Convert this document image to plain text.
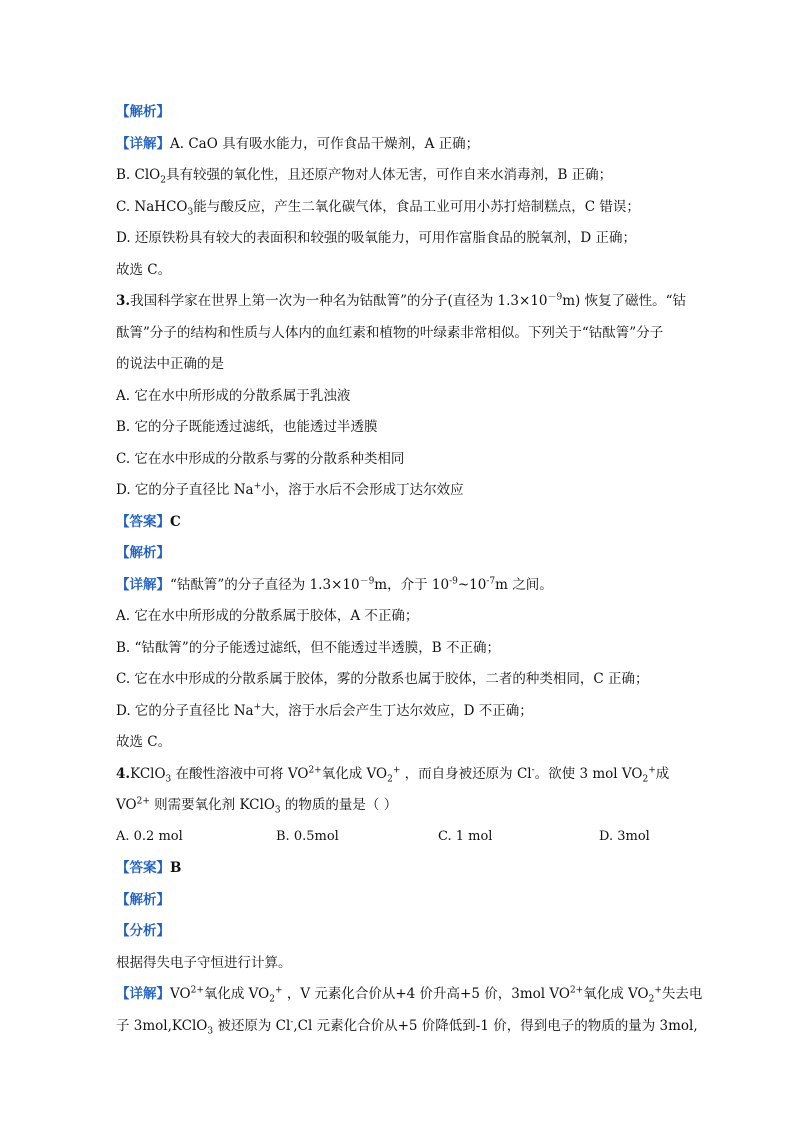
【解析】
【详解】A. CaO 具有吸水能力，可作食品干燥剂，A 正确；
B. ClO$_2$具有较强的氧化性，且还原产物对人体无害，可作自来水消毒剂，B 正确；
C. NaHCO$_3$能与酸反应，产生二氧化碳气体，食品工业可用小苏打焙制糕点，C 错误；
D. 还原铁粉具有较大的表面积和较强的吸氧能力，可用作富脂食品的脱氧剂，D 正确；
故选 C。
3.我国科学家在世界上第一次为一种名为钴酞箐”的分子(直径为 $1.3\times 10^{-9}m$) 恢复了磁性。“钴
酞箐”分子的结构和性质与人体内的血红素和植物的叶绿素非常相似。下列关于“钴酞箐”分子
的说法中正确的是
A. 它在水中所形成的分散系属于乳浊液
B. 它的分子既能透过滤纸，也能透过半透膜
C. 它在水中形成的分散系与雾的分散系种类相同
D. 它的分子直径比 Na+小，溶于水后不会形成丁达尔效应
【答案】C
【解析】
【详解】“钴酞箐”的分子直径为 $1.3\times 10^{-9}m$，介于 $10^{-9}\sim 10^{-7}m$ 之间。
A. 它在水中所形成的分散系属于胶体，A 不正确；
B. “钴酞箐”的分子能透过滤纸，但不能透过半透膜，B 不正确；
C. 它在水中形成的分散系属于胶体，雾的分散系也属于胶体，二者的种类相同，C 正确；
D. 它的分子直径比 Na+大，溶于水后会产生丁达尔效应，D 不正确；
故选 C。
4.KClO$_3$ 在酸性溶液中可将 $VO^{2+}$氧化成 $VO_2^+$ ，而自身被还原为 Cl-。欲使 3 mol $VO_2^+$成
$VO^{2+}$ 则需要氧化剂 KClO$_3$ 的物质的量是（ ）
A. 0.2 mol	B. 0.5mol	C. 1 mol	D. 3mol
【答案】B
【解析】
【分析】
根据得失电子守恒进行计算。
【详解】$VO^{2+}$氧化成 $VO_2^+$ ，V 元素化合价从+4 价升高+5 价，3mol $VO^{2+}$氧化成 $VO_2^+$失去电
子 3mol,KClO$_3$ 被还原为 Cl-,Cl 元素化合价从+5 价降低到-1 价，得到电子的物质的量为 3mol,
